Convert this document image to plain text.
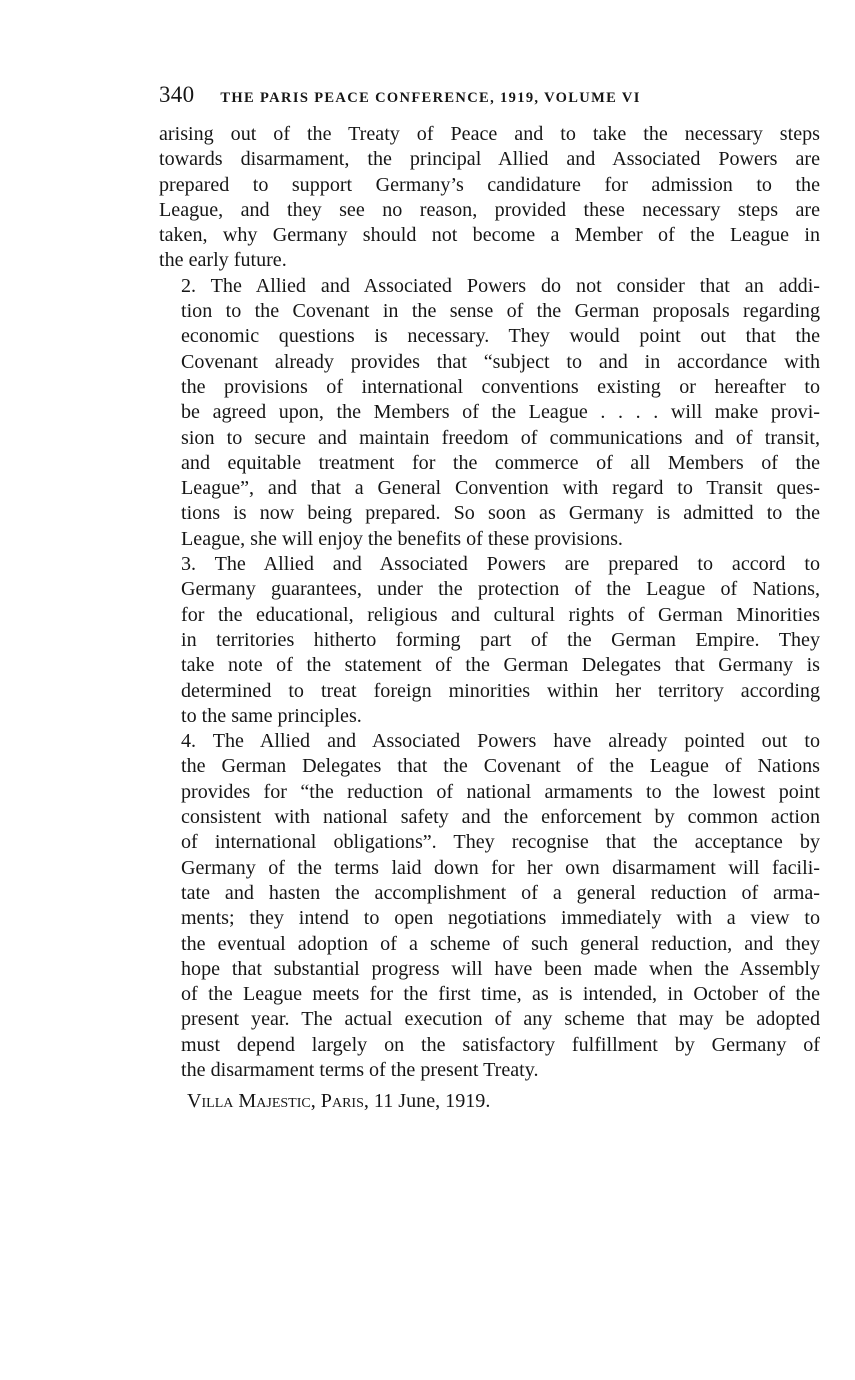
340 THE PARIS PEACE CONFERENCE, 1919, VOLUME VI

arising out of the Treaty of Peace and to take the necessary steps
towards disarmament, the principal Allied and Associated Powers are
prepared to support Germany’s candidature for admission to the
League, and they see no reason, provided these necessary steps are
taken, why Germany should not become a Member of the League in
the early future.

2. The Allied and Associated Powers do not consider that an addi-
tion to the Covenant in the sense of the German proposals regarding
economic questions is necessary. They would point out that the
Covenant already provides that “subject to and in accordance with
the provisions of international conventions existing or hereafter to
be agreed upon, the Members of the League . . . . will make provi-
sion to secure and maintain freedom of communications and of transit,
and equitable treatment for the commerce of all Members of the
League”, and that a General Convention with regard to Transit ques-
tions is now being prepared. So soon as Germany is admitted to the
League, she will enjoy the benefits of these provisions.

3. The Allied and Associated Powers are prepared to accord to
Germany guarantees, under the protection of the League of Nations,
for the educational, religious and cultural rights of German Minorities
in territories hitherto forming part of the German Empire. They
take note of the statement of the German Delegates that Germany is
determined to treat foreign minorities within her territory according
to the same principles.

4. The Allied and Associated Powers have already pointed out to
the German Delegates that the Covenant of the League of Nations
provides for “the reduction of national armaments to the lowest point
consistent with national safety and the enforcement by common action
of international obligations”. They recognise that the acceptance by
Germany of the terms laid down for her own disarmament will facili-
tate and hasten the accomplishment of a general reduction of arma-
ments; they intend to open negotiations immediately with a view to
the eventual adoption of a scheme of such general reduction, and they
hope that substantial progress will have been made when the Assembly
of the League meets for the first time, as is intended, in October of the
present year. The actual execution of any scheme that may be adopted
must depend largely on the satisfactory fulfillment by Germany of
the disarmament terms of the present Treaty.

Villa Majestic, Paris, 11 June, 1919.
